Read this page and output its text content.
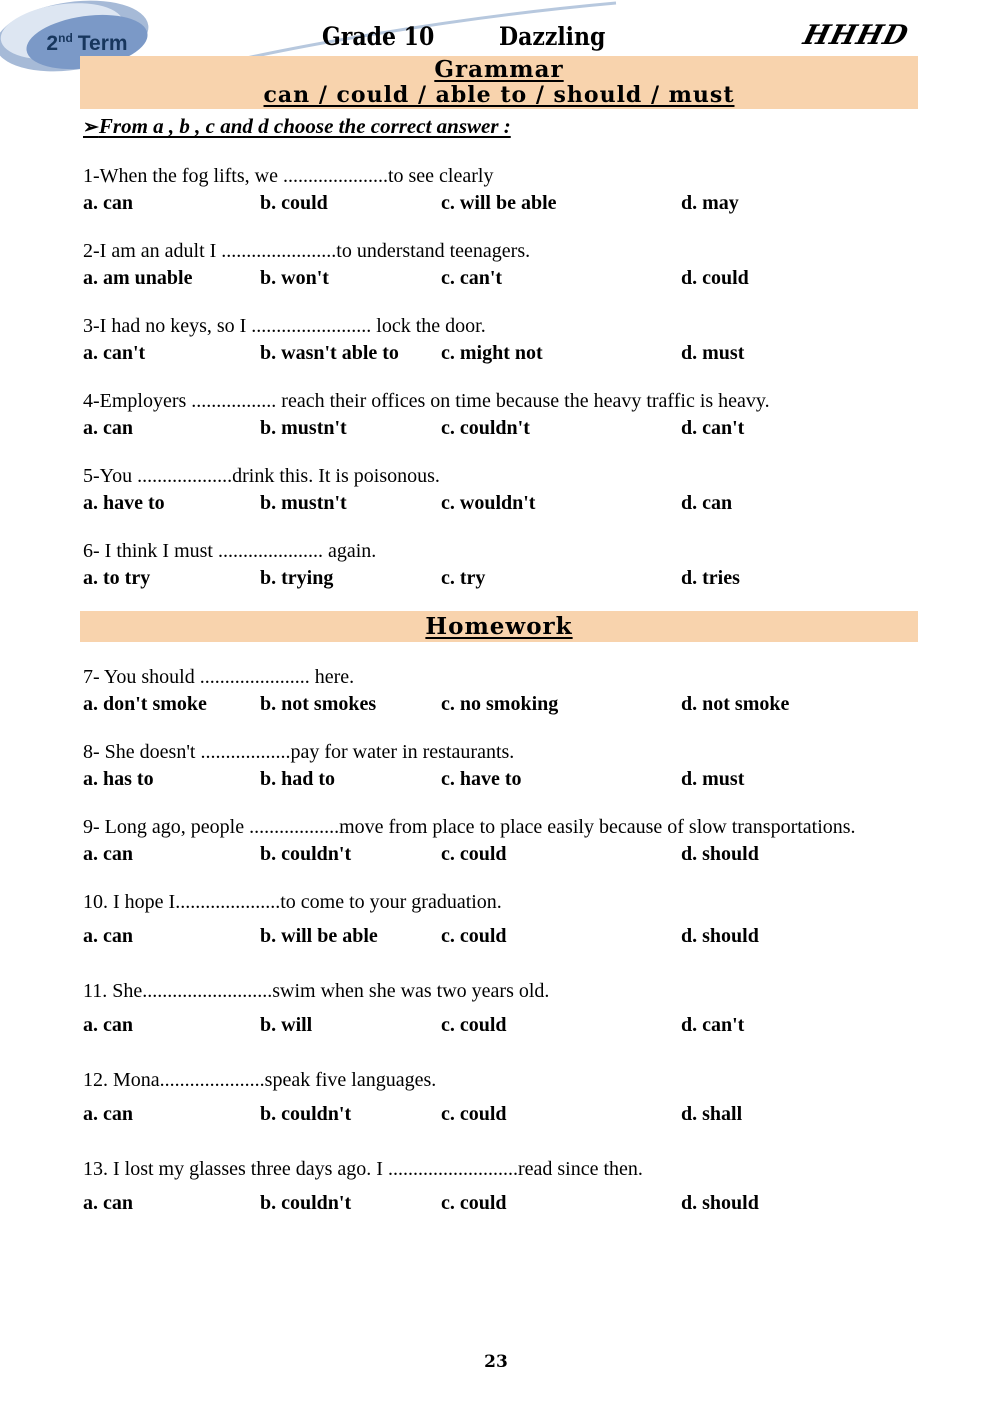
2nd Term	Grade 10	Dazzling	HHHD
Grammar
can / could / able to / should / must
➢From a , b , c and d choose the correct answer :
1-When the fog lifts, we .....................to see clearly
a. can	b. could	c. will be able	d. may
2-I am an adult I .......................to understand teenagers.
a. am unable	b. won't	c. can't	d. could
3-I had no keys, so I ........................ lock the door.
a. can't	b. wasn't able to	c. might not	d. must
4-Employers ................. reach their offices on time because the heavy traffic is heavy.
a. can	b. mustn't	c. couldn't	d. can't
5-You ...................drink this. It is poisonous.
a. have to	b. mustn't	c. wouldn't	d. can
6- I think I must ..................... again.
a. to try	b. trying	c. try	d. tries
Homework
7- You should ...................... here.
a. don't smoke	b. not smokes	c. no smoking	d. not smoke
8- She doesn't ..................pay for water in restaurants.
a. has to	b. had to	c. have to	d. must
9- Long ago, people ..................move from place to place easily because of slow transportations.
a. can	b. couldn't	c. could	d. should
10. I hope I.....................to come to your graduation.
a. can	b. will be able	c. could	d. should
11. She..........................swim when she was two years old.
a. can	b. will	c. could	d. can't
12. Mona.....................speak five languages.
a. can	b. couldn't	c. could	d. shall
13. I lost my glasses three days ago. I ..........................read since then.
a. can	b. couldn't	c. could	d. should
23
